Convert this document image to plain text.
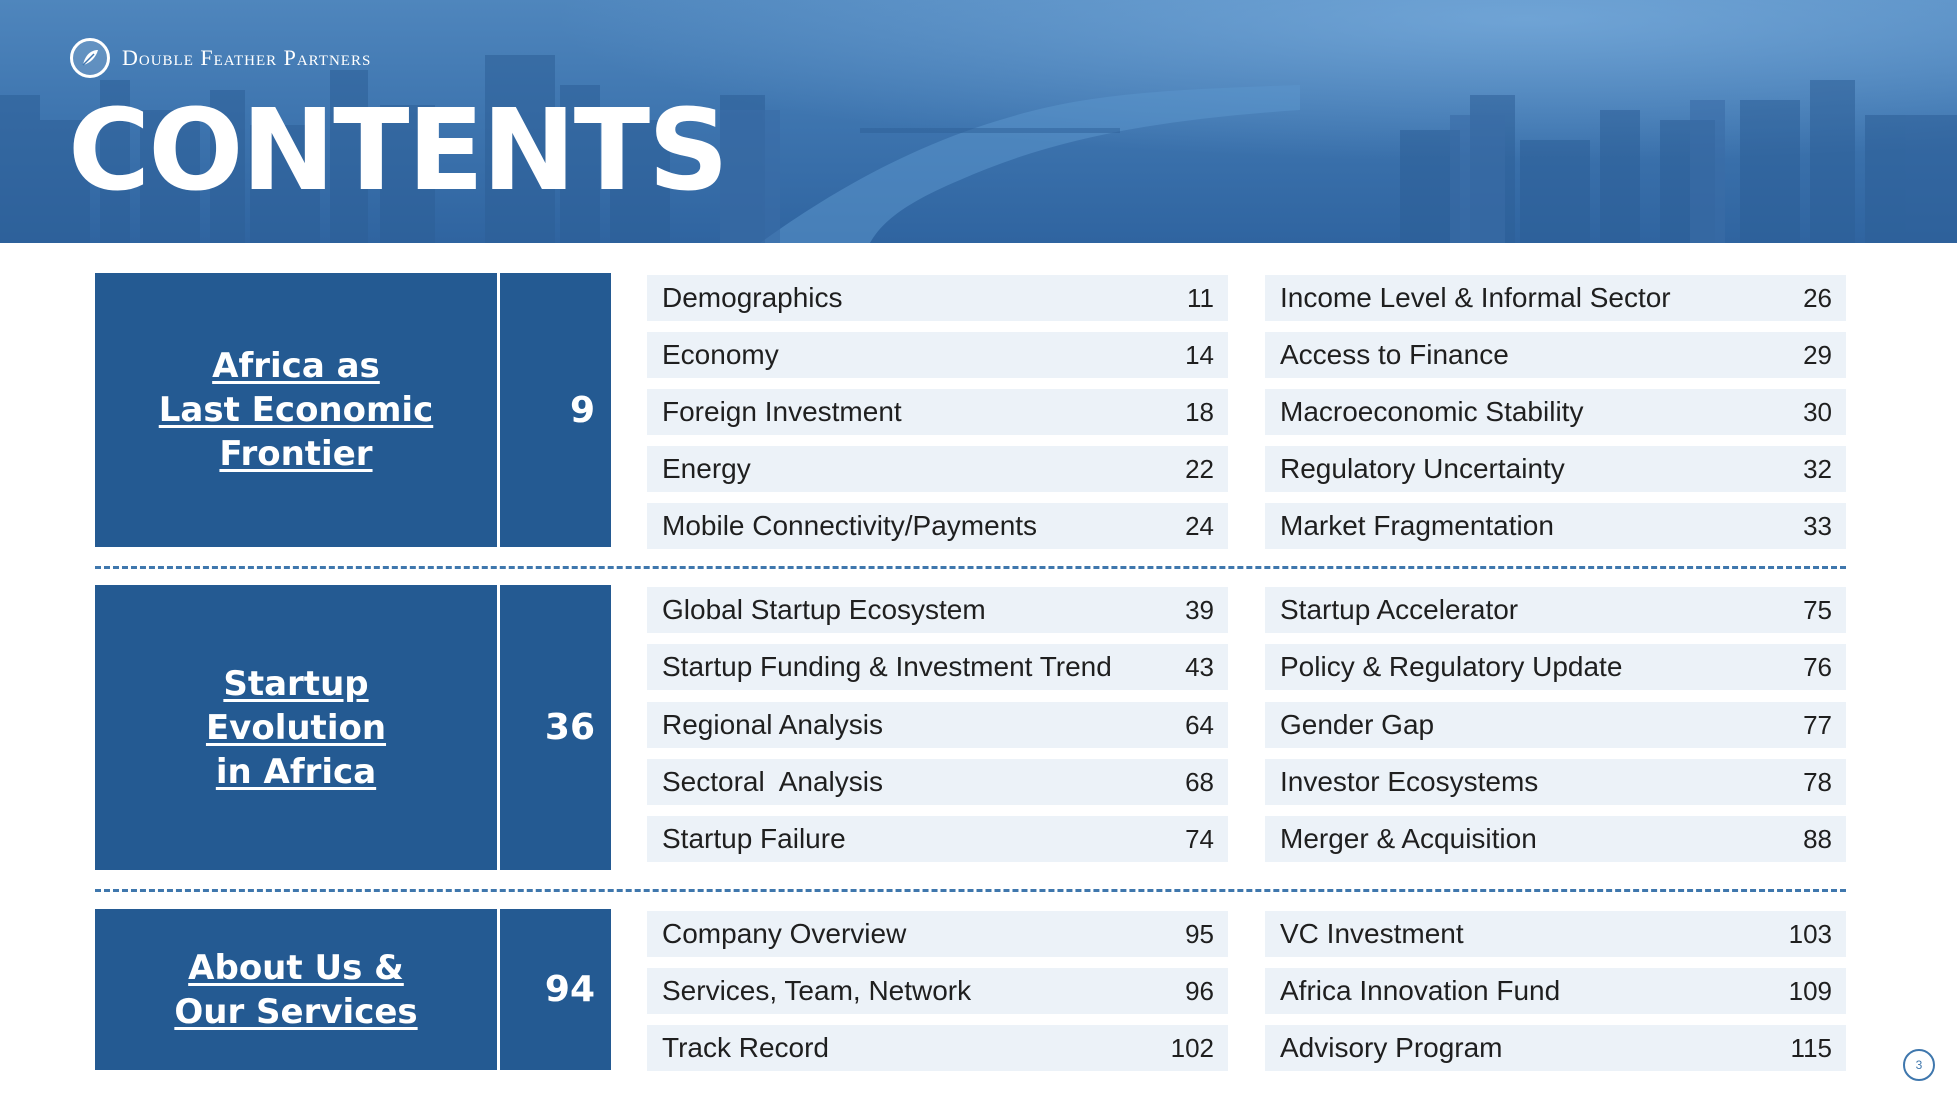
Double Feather Partners
CONTENTS
Africa as
Last Economic
Frontier
9
Demographics	11
Economy	14
Foreign Investment	18
Energy	22
Mobile Connectivity/Payments	24
Income Level & Informal Sector	26
Access to Finance	29
Macroeconomic Stability	30
Regulatory Uncertainty	32
Market Fragmentation	33
Startup
Evolution
in Africa
36
Global Startup Ecosystem	39
Startup Funding & Investment Trend	43
Regional Analysis	64
Sectoral  Analysis	68
Startup Failure	74
Startup Accelerator	75
Policy & Regulatory Update	76
Gender Gap	77
Investor Ecosystems	78
Merger & Acquisition	88
About Us &
Our Services
94
Company Overview	95
Services, Team, Network	96
Track Record	102
VC Investment	103
Africa Innovation Fund	109
Advisory Program	115
3
